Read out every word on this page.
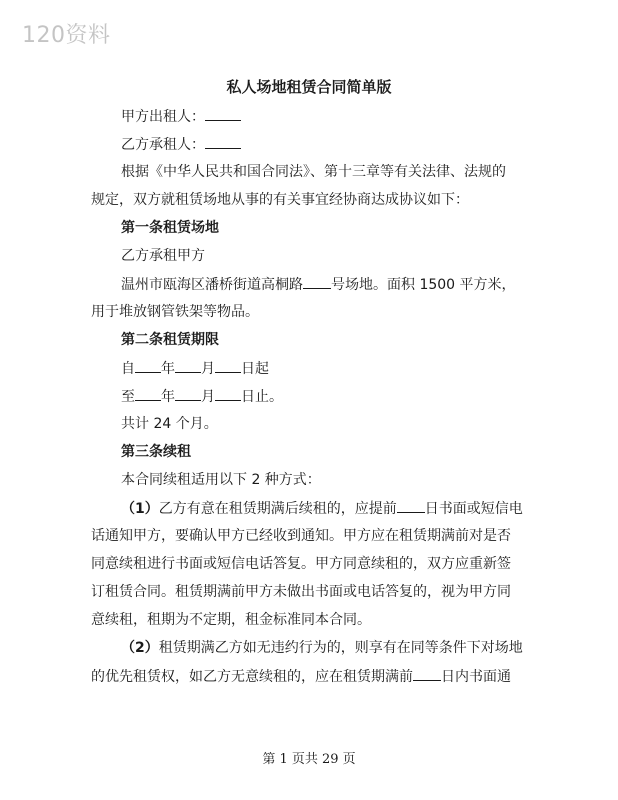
120资料
私人场地租赁合同简单版
甲方出租人：
乙方承租人：
根据《中华人民共和国合同法》、第十三章等有关法律、法规的
规定，双方就租赁场地从事的有关事宜经协商达成协议如下：
第一条租赁场地
乙方承租甲方
温州市瓯海区潘桥街道高桐路 号场地。面积 1500 平方米，
用于堆放钢管铁架等物品。
第二条租赁期限
自 年 月 日起
至 年 月 日止。
共计 24 个月。
第三条续租
本合同续租适用以下 2 种方式：
（1）乙方有意在租赁期满后续租的，应提前 日书面或短信电
话通知甲方，要确认甲方已经收到通知。甲方应在租赁期满前对是否
同意续租进行书面或短信电话答复。甲方同意续租的，双方应重新签
订租赁合同。租赁期满前甲方未做出书面或电话答复的，视为甲方同
意续租，租期为不定期，租金标准同本合同。
（2）租赁期满乙方如无违约行为的，则享有在同等条件下对场地
的优先租赁权，如乙方无意续租的，应在租赁期满前 日内书面通
第 1 页共 29 页
